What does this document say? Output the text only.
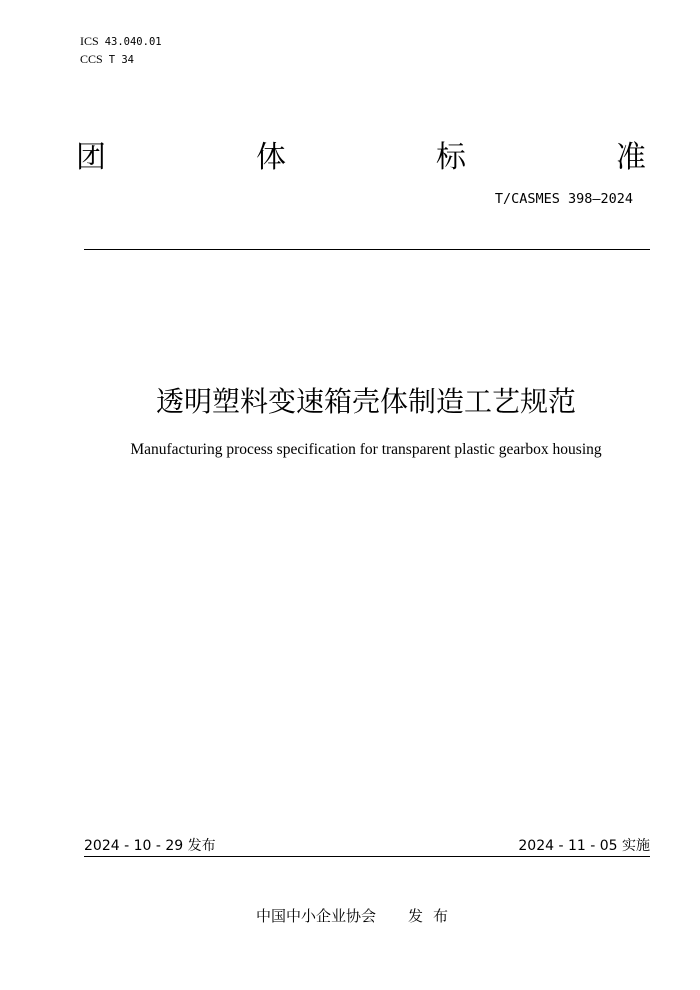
ICS 43.040.01
CCS T 34
团	体	标	准
T/CASMES 398—2024
透明塑料变速箱壳体制造工艺规范
Manufacturing process specification for transparent plastic gearbox housing
2024 - 10 - 29 发布	2024 - 11 - 05 实施
中国中小企业协会 发布
